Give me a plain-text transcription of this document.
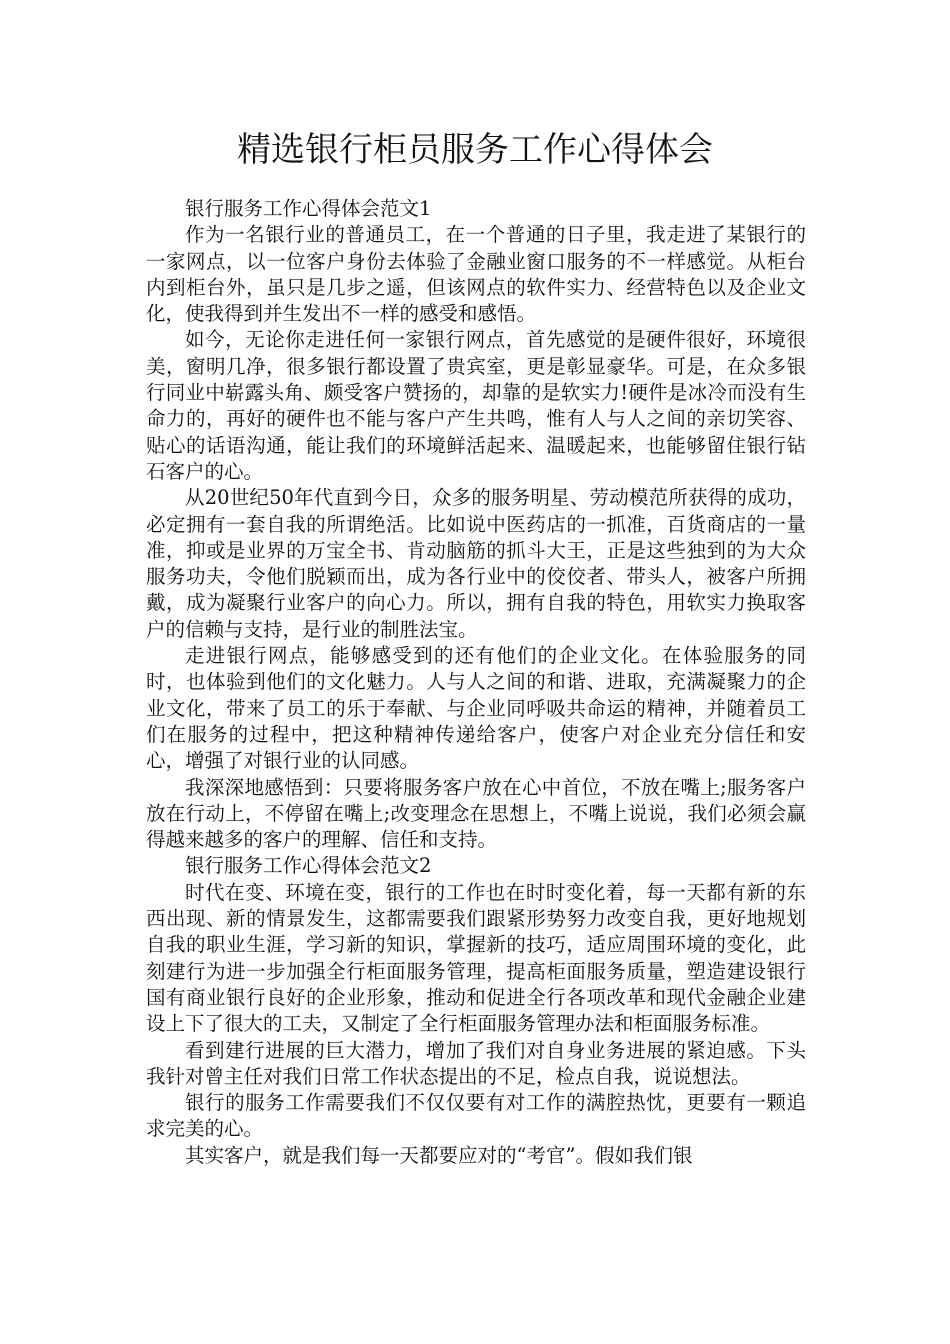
精选银行柜员服务工作心得体会

银行服务工作心得体会范文1

作为一名银行业的普通员工，在一个普通的日子里，我走进了某银行的一家网点，以一位客户身份去体验了金融业窗口服务的不一样感觉。从柜台内到柜台外，虽只是几步之遥，但该网点的软件实力、经营特色以及企业文化，使我得到并生发出不一样的感受和感悟。

如今，无论你走进任何一家银行网点，首先感觉的是硬件很好，环境很美，窗明几净，很多银行都设置了贵宾室，更是彰显豪华。可是，在众多银行同业中崭露头角、颇受客户赞扬的，却靠的是软实力!硬件是冰冷而没有生命力的，再好的硬件也不能与客户产生共鸣，惟有人与人之间的亲切笑容、贴心的话语沟通，能让我们的环境鲜活起来、温暖起来，也能够留住银行钻石客户的心。

从20世纪50年代直到今日，众多的服务明星、劳动模范所获得的成功，必定拥有一套自我的所谓绝活。比如说中医药店的一抓准，百货商店的一量准，抑或是业界的万宝全书、肯动脑筋的抓斗大王，正是这些独到的为大众服务功夫，令他们脱颖而出，成为各行业中的佼佼者、带头人，被客户所拥戴，成为凝聚行业客户的向心力。所以，拥有自我的特色，用软实力换取客户的信赖与支持，是行业的制胜法宝。

走进银行网点，能够感受到的还有他们的企业文化。在体验服务的同时，也体验到他们的文化魅力。人与人之间的和谐、进取，充满凝聚力的企业文化，带来了员工的乐于奉献、与企业同呼吸共命运的精神，并随着员工们在服务的过程中，把这种精神传递给客户，使客户对企业充分信任和安心，增强了对银行业的认同感。

我深深地感悟到：只要将服务客户放在心中首位，不放在嘴上;服务客户放在行动上，不停留在嘴上;改变理念在思想上，不嘴上说说，我们必须会赢得越来越多的客户的理解、信任和支持。

银行服务工作心得体会范文2

时代在变、环境在变，银行的工作也在时时变化着，每一天都有新的东西出现、新的情景发生，这都需要我们跟紧形势努力改变自我，更好地规划自我的职业生涯，学习新的知识，掌握新的技巧，适应周围环境的变化，此刻建行为进一步加强全行柜面服务管理，提高柜面服务质量，塑造建设银行国有商业银行良好的企业形象，推动和促进全行各项改革和现代金融企业建设上下了很大的工夫，又制定了全行柜面服务管理办法和柜面服务标准。

看到建行进展的巨大潜力，增加了我们对自身业务进展的紧迫感。下头我针对曾主任对我们日常工作状态提出的不足，检点自我，说说想法。

银行的服务工作需要我们不仅仅要有对工作的满腔热忱，更要有一颗追求完美的心。

其实客户，就是我们每一天都要应对的“考官”。假如我们银
